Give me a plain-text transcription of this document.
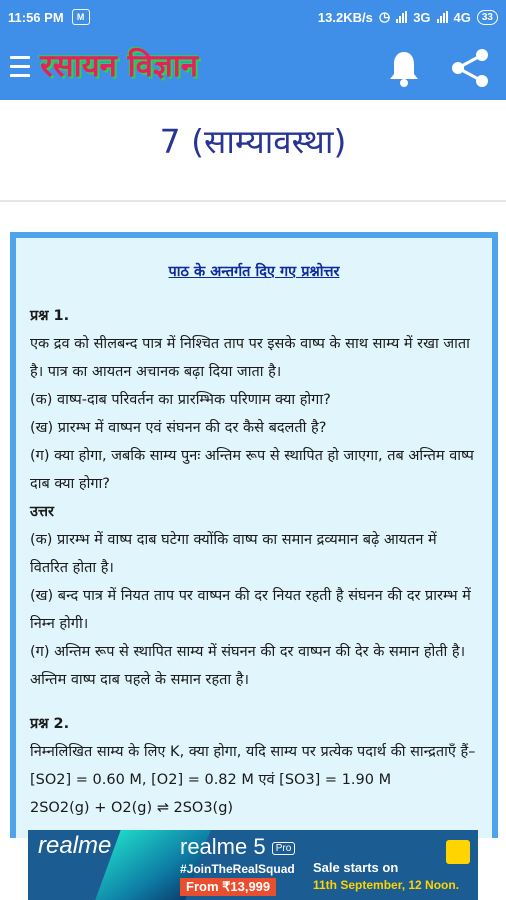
11:56 PM	M	13.2KB/s ◷ 3G 4G	33
रसायन विज्ञान
7 (साम्यावस्था)
पाठ के अन्तर्गत दिए गए प्रश्नोत्तर
प्रश्न 1.

एक द्रव को सीलबन्द पात्र में निश्चित ताप पर इसके वाष्प के साथ साम्य में रखा जाता है। पात्र का आयतन अचानक बढ़ा दिया जाता है।

(क) वाष्प-दाब परिवर्तन का प्रारम्भिक परिणाम क्या होगा?

(ख) प्रारम्भ में वाष्पन एवं संघनन की दर कैसे बदलती है?

(ग) क्या होगा, जबकि साम्य पुनः अन्तिम रूप से स्थापित हो जाएगा, तब अन्तिम वाष्प दाब क्या होगा?

उत्तर

(क) प्रारम्भ में वाष्प दाब घटेगा क्योंकि वाष्प का समान द्रव्यमान बढ़े आयतन में वितरित होता है।

(ख) बन्द पात्र में नियत ताप पर वाष्पन की दर नियत रहती है संघनन की दर प्रारम्भ में निम्न होगी।

(ग) अन्तिम रूप से स्थापित साम्य में संघनन की दर वाष्पन की देर के समान होती है। अन्तिम वाष्प दाब पहले के समान रहता है।

प्रश्न 2.

निम्नलिखित साम्य के लिए K, क्या होगा, यदि साम्य पर प्रत्येक पदार्थ की सान्द्रताएँ हैं– [SO2] = 0.60 M, [O2] = 0.82 M एवं [SO3] = 1.90 M

2SO2(g) + O2(g) ⇌ 2SO3(g)

realme	realme 5 Pro
#JoinTheRealSquad
From ₹13,999
Sale starts on
11th September, 12 Noon.
